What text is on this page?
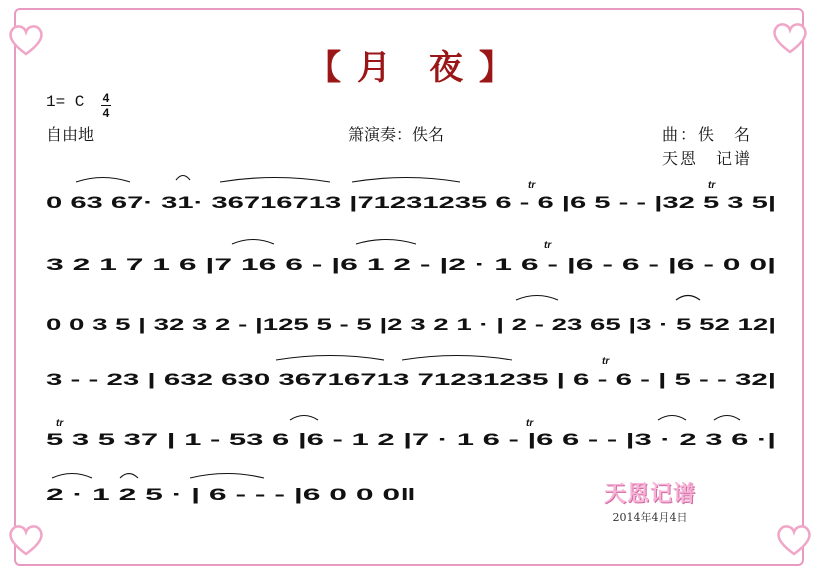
【 月　夜 】
1= C 4
4
自由地	箫演奏：佚名	曲：佚　名
天恩　记谱
0 63 67· 31· 36716713 |71231235 6 - 6 |6 5 - - |32 5 3 5|
3 2 1 7 1 6 |7 16 6 - |6 1 2 - |2 · 1 6 - |6 - 6 - |6 - 0 0|
0 0 3 5 | 32 3 2 - |125 5 - 5 |2 3 2 1 · | 2 - 23 65 |3 · 5 52 12|
3 - - 23 | 632 630 36716713 71231235 | 6 - 6 - | 5 - - 32|
5 3 5 37 | 1 - 53 6 |6 - 1 2 |7 · 1 6 - |6 6 - - |3 · 2 3 6 ·|
2 · 1 2 5 · | 6 - - - |6 0 0 0‖
tr	tr
tr
tr
tr	tr
天恩记谱
2014年4月4日
